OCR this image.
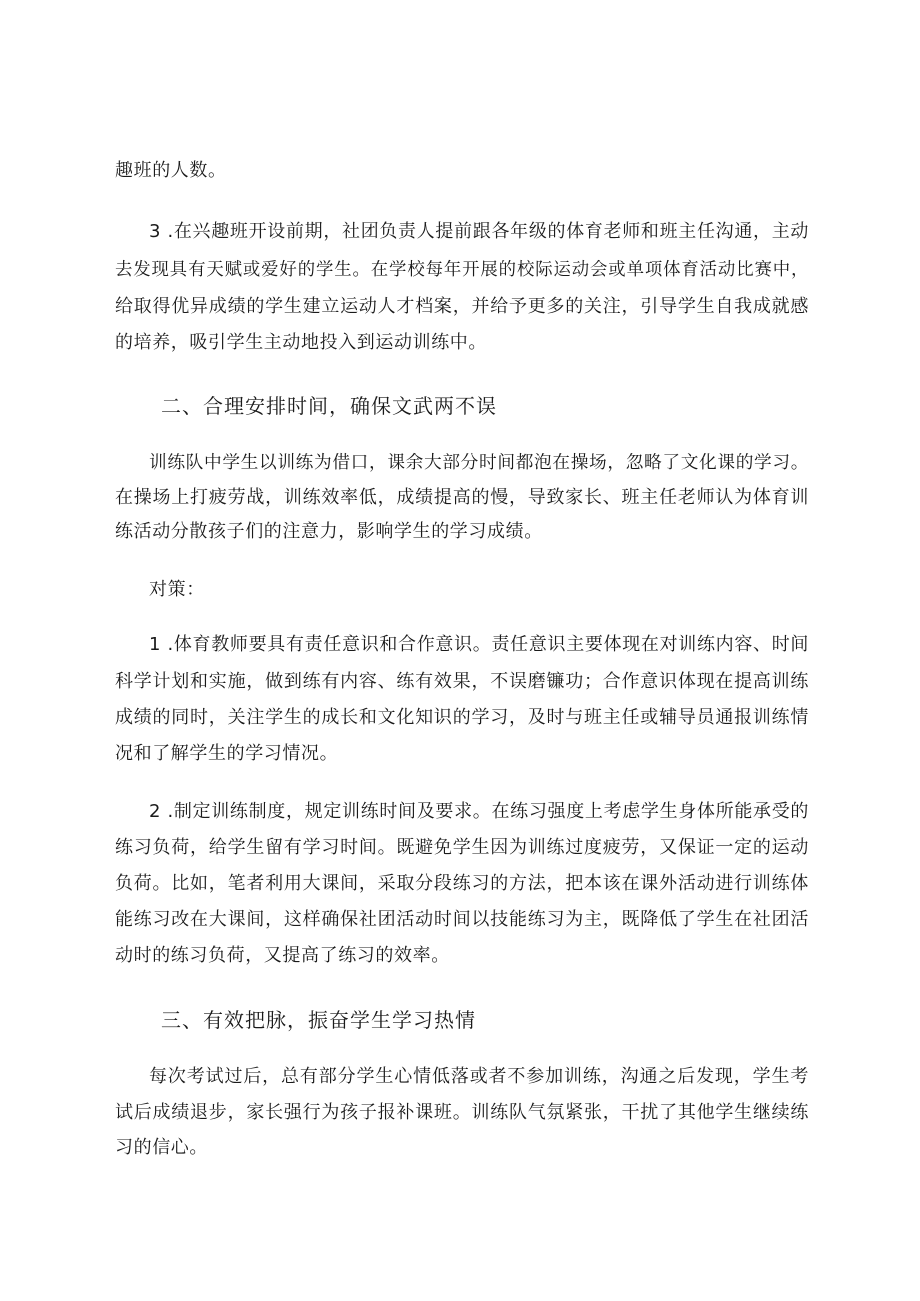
趣班的人数。
3 .在兴趣班开设前期，社团负责人提前跟各年级的体育老师和班主任沟通，主动
去发现具有天赋或爱好的学生。在学校每年开展的校际运动会或单项体育活动比赛中，
给取得优异成绩的学生建立运动人才档案，并给予更多的关注，引导学生自我成就感
的培养，吸引学生主动地投入到运动训练中。
二、合理安排时间，确保文武两不误
训练队中学生以训练为借口，课余大部分时间都泡在操场，忽略了文化课的学习。
在操场上打疲劳战，训练效率低，成绩提高的慢，导致家长、班主任老师认为体育训
练活动分散孩子们的注意力，影响学生的学习成绩。
对策：
1 .体育教师要具有责任意识和合作意识。责任意识主要体现在对训练内容、时间
科学计划和实施，做到练有内容、练有效果，不误磨镰功；合作意识体现在提高训练
成绩的同时，关注学生的成长和文化知识的学习，及时与班主任或辅导员通报训练情
况和了解学生的学习情况。
2 .制定训练制度，规定训练时间及要求。在练习强度上考虑学生身体所能承受的
练习负荷，给学生留有学习时间。既避免学生因为训练过度疲劳，又保证一定的运动
负荷。比如，笔者利用大课间，采取分段练习的方法，把本该在课外活动进行训练体
能练习改在大课间，这样确保社团活动时间以技能练习为主，既降低了学生在社团活
动时的练习负荷，又提高了练习的效率。
三、有效把脉，振奋学生学习热情
每次考试过后，总有部分学生心情低落或者不参加训练，沟通之后发现，学生考
试后成绩退步，家长强行为孩子报补课班。训练队气氛紧张，干扰了其他学生继续练
习的信心。
